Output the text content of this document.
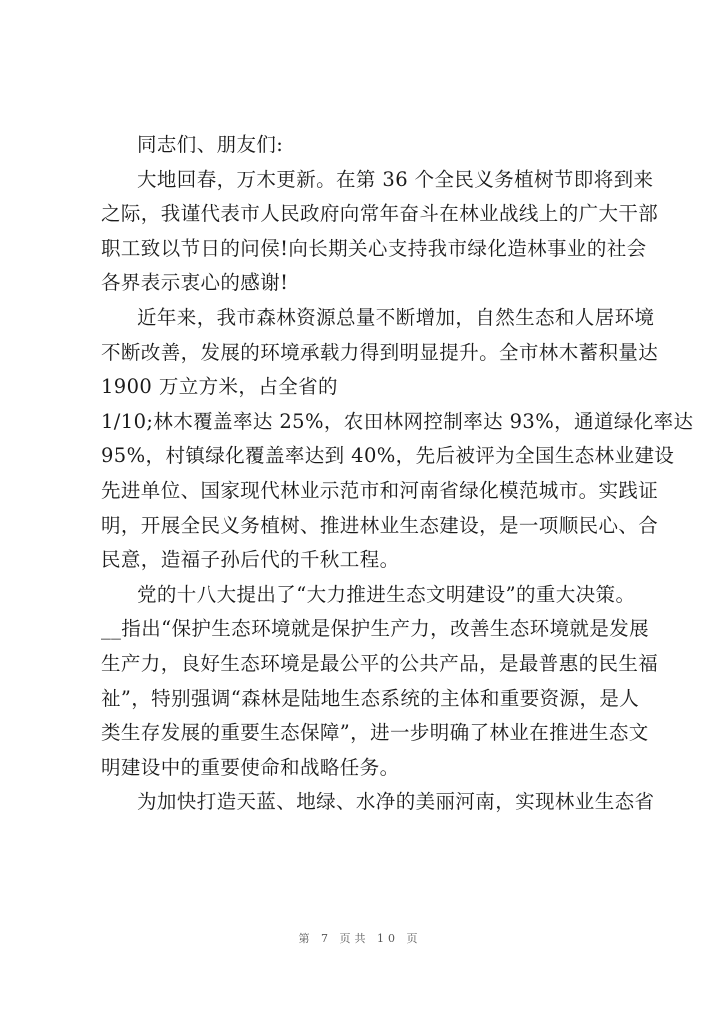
同志们、朋友们:
大地回春，万木更新。在第 36 个全民义务植树节即将到来
之际，我谨代表市人民政府向常年奋斗在林业战线上的广大干部
职工致以节日的问侯!向长期关心支持我市绿化造林事业的社会
各界表示衷心的感谢!
近年来，我市森林资源总量不断增加，自然生态和人居环境
不断改善，发展的环境承载力得到明显提升。全市林木蓄积量达
1900 万立方米，占全省的
1/10;林木覆盖率达 25%，农田林网控制率达 93%，通道绿化率达
95%，村镇绿化覆盖率达到 40%，先后被评为全国生态林业建设
先进单位、国家现代林业示范市和河南省绿化模范城市。实践证
明，开展全民义务植树、推进林业生态建设，是一项顺民心、合
民意，造福子孙后代的千秋工程。
党的十八大提出了“大力推进生态文明建设”的重大决策。
__指出“保护生态环境就是保护生产力，改善生态环境就是发展
生产力，良好生态环境是最公平的公共产品，是最普惠的民生福
祉”，特别强调“森林是陆地生态系统的主体和重要资源，是人
类生存发展的重要生态保障”，进一步明确了林业在推进生态文
明建设中的重要使命和战略任务。
为加快打造天蓝、地绿、水净的美丽河南，实现林业生态省
第 7 页共 10 页
